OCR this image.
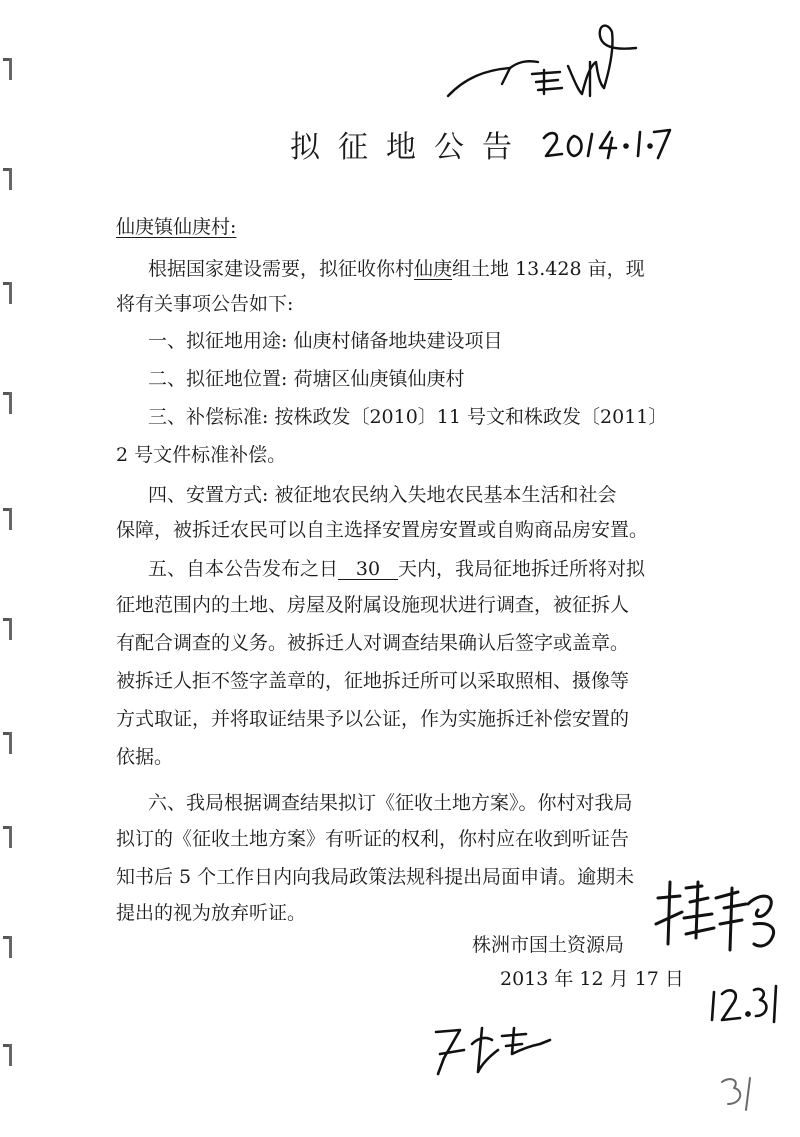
拟征地公告
仙庚镇仙庚村:
根据国家建设需要，拟征收你村仙庚组土地 13.428 亩，现
将有关事项公告如下:
一、拟征地用途: 仙庚村储备地块建设项目
二、拟征地位置: 荷塘区仙庚镇仙庚村
三、补偿标准: 按株政发〔2010〕11 号文和株政发〔2011〕
2 号文件标准补偿。
四、安置方式: 被征地农民纳入失地农民基本生活和社会
保障，被拆迁农民可以自主选择安置房安置或自购商品房安置。
五、自本公告发布之日 30 天内，我局征地拆迁所将对拟
征地范围内的土地、房屋及附属设施现状进行调查，被征拆人
有配合调查的义务。被拆迁人对调查结果确认后签字或盖章。
被拆迁人拒不签字盖章的，征地拆迁所可以采取照相、摄像等
方式取证，并将取证结果予以公证，作为实施拆迁补偿安置的
依据。
六、我局根据调查结果拟订《征收土地方案》。你村对我局
拟订的《征收土地方案》有听证的权利，你村应在收到听证告
知书后 5 个工作日内向我局政策法规科提出局面申请。逾期未
提出的视为放弃听证。
株洲市国土资源局
2013 年 12 月 17 日
